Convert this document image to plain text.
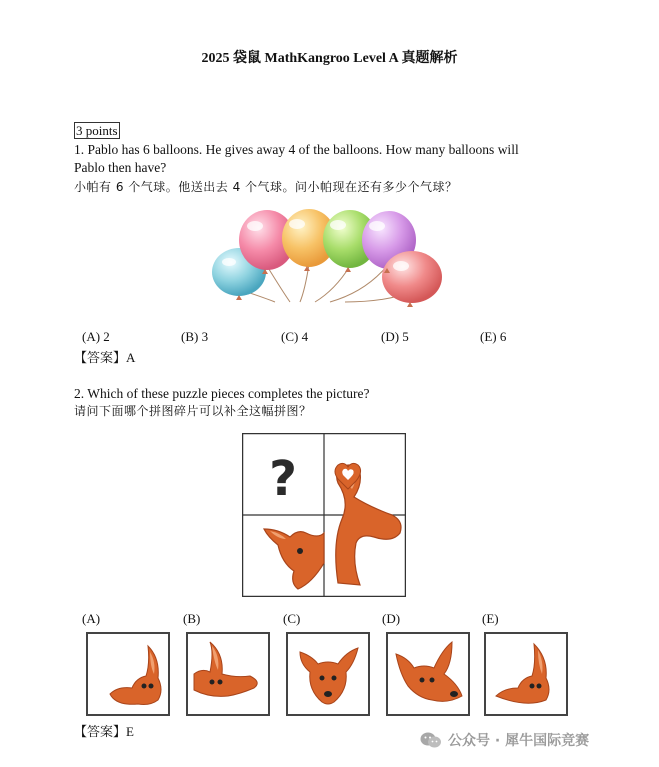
2025 袋鼠 MathKangroo Level A 真题解析
3 points
1. Pablo has 6 balloons. He gives away 4 of the balloons. How many balloons will
Pablo then have?
小帕有 6 个气球。他送出去 4 个气球。问小帕现在还有多少个气球？
(A) 2	(B) 3	(C) 4	(D) 5	(E) 6
【答案】A
2. Which of these puzzle pieces completes the picture?
请问下面哪个拼图碎片可以补全这幅拼图？
?
(A)	(B)	(C)	(D)	(E)
【答案】E
公众号 · 犀牛国际竞赛
